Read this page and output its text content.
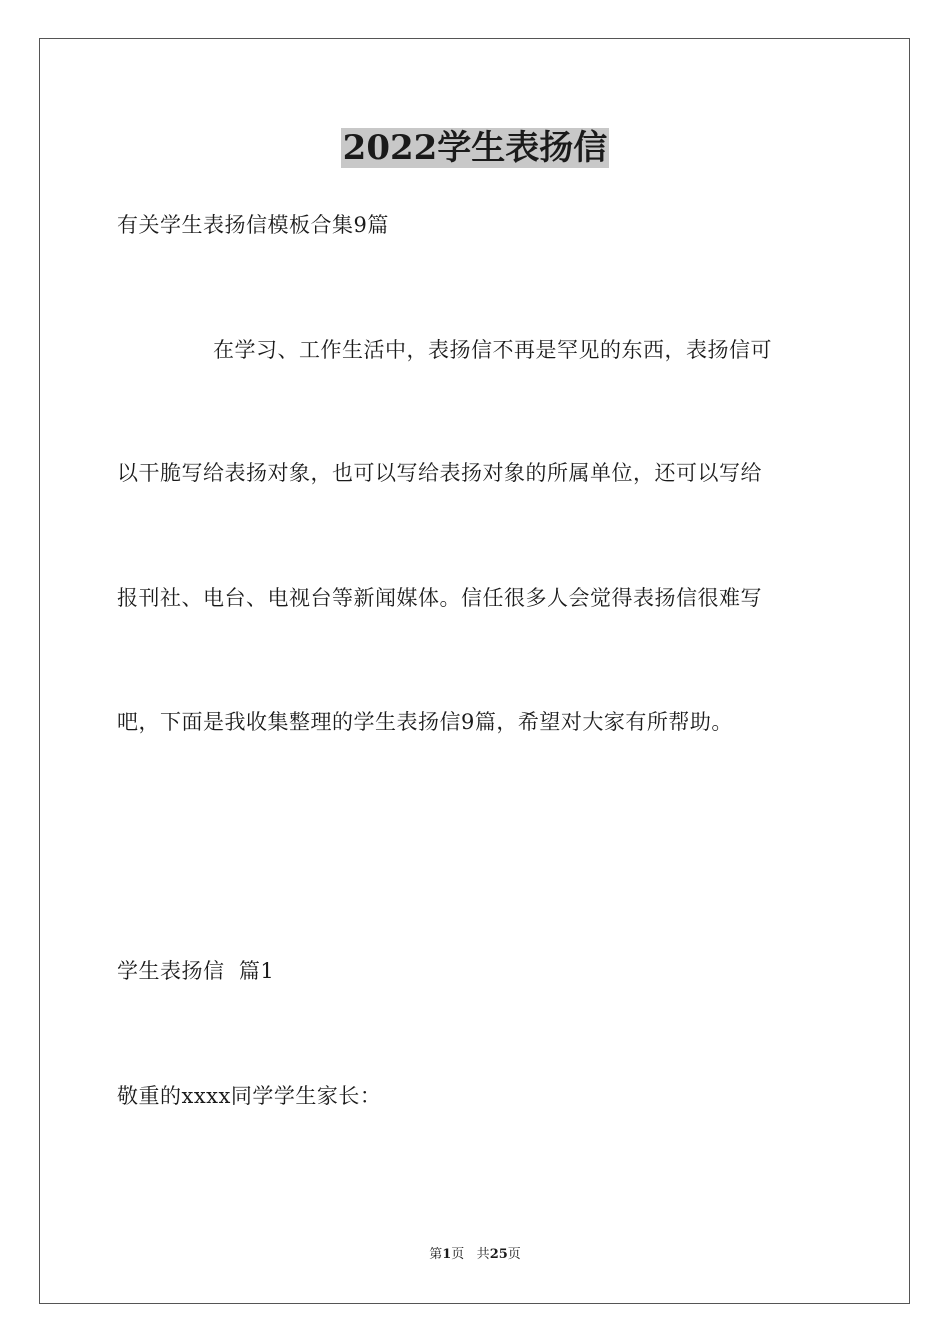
2022学生表扬信
有关学生表扬信模板合集9篇
在学习、工作生活中，表扬信不再是罕见的东西，表扬信可
以干脆写给表扬对象，也可以写给表扬对象的所属单位，还可以写给
报刊社、电台、电视台等新闻媒体。信任很多人会觉得表扬信很难写
吧，下面是我收集整理的学生表扬信9篇，希望对大家有所帮助。
学生表扬信  篇1
敬重的xxxx同学学生家长：
第1页 共25页
